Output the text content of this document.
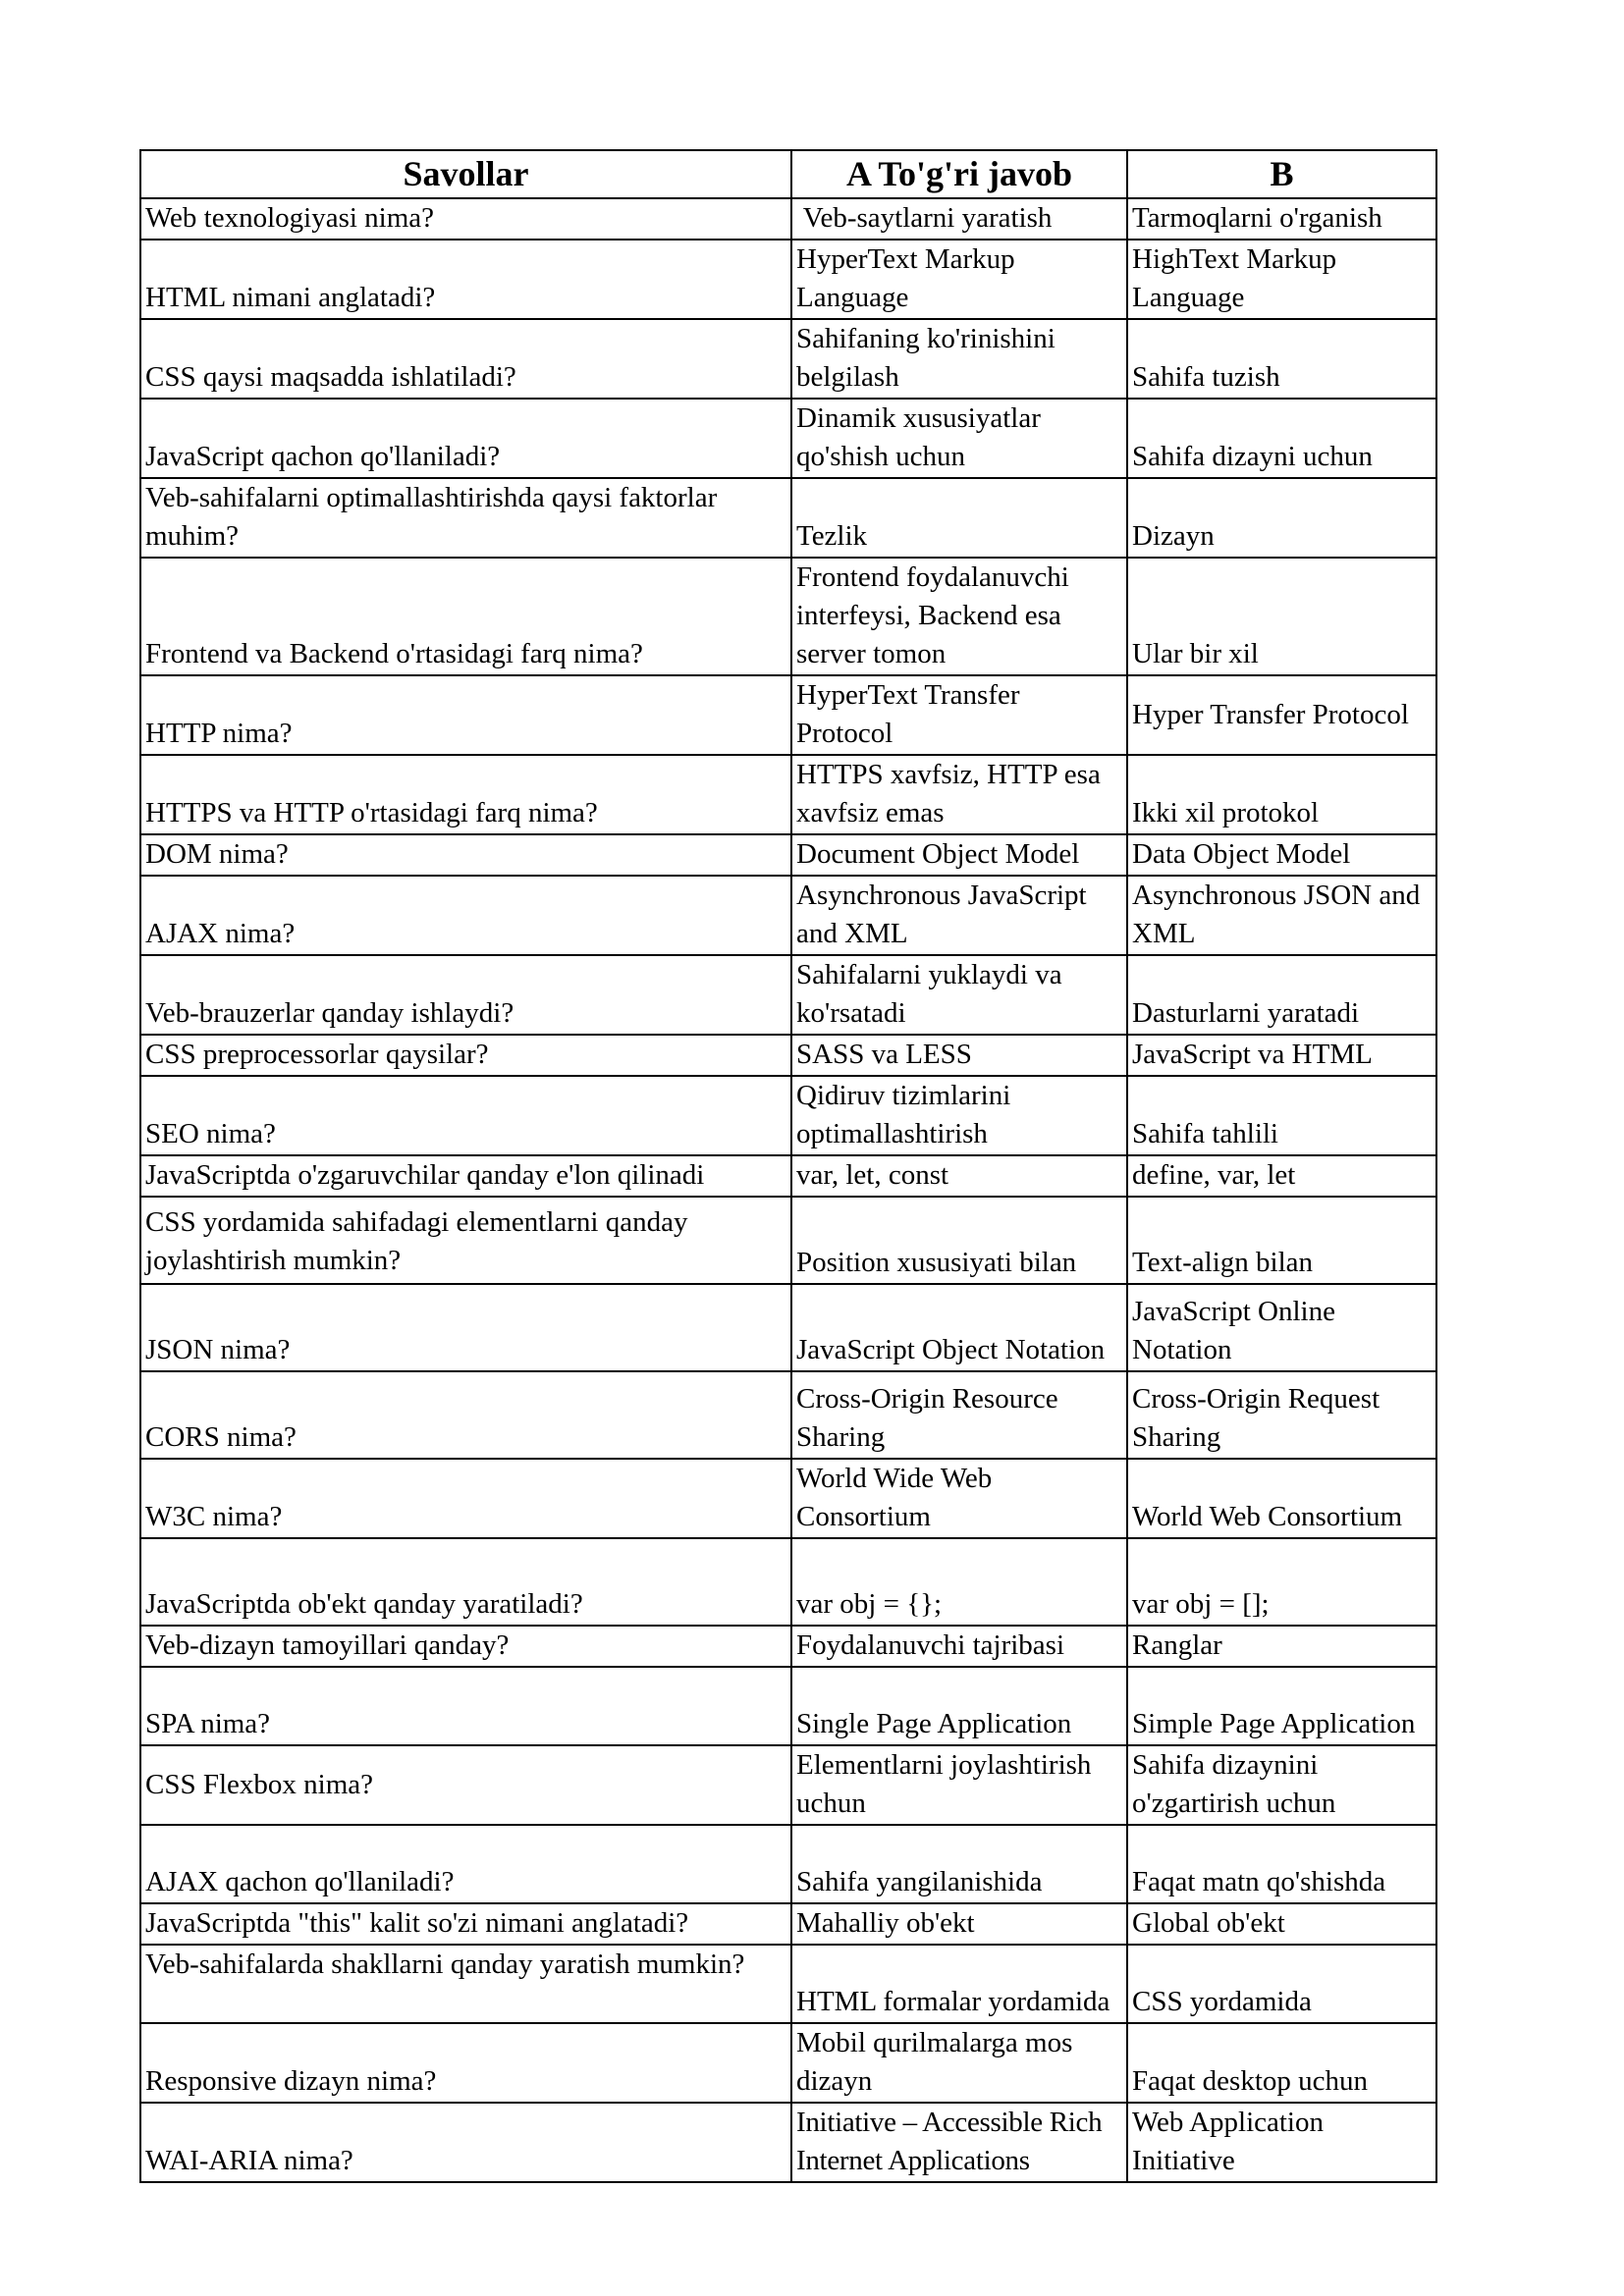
Savollar	A To'g'ri javob	B
Web texnologiyasi nima?	Veb-saytlarni yaratish	Tarmoqlarni o'rganish
HTML nimani anglatadi?	HyperText Markup Language	HighText Markup Language
CSS qaysi maqsadda ishlatiladi?	Sahifaning ko'rinishini belgilash	Sahifa tuzish
JavaScript qachon qo'llaniladi?	Dinamik xususiyatlar qo'shish uchun	Sahifa dizayni uchun
Veb-sahifalarni optimallashtirishda qaysi faktorlar muhim?	Tezlik	Dizayn
Frontend va Backend o'rtasidagi farq nima?	Frontend foydalanuvchi interfeysi, Backend esa server tomon	Ular bir xil
HTTP nima?	HyperText Transfer Protocol	Hyper Transfer Protocol
HTTPS va HTTP o'rtasidagi farq nima?	HTTPS xavfsiz, HTTP esa xavfsiz emas	Ikki xil protokol
DOM nima?	Document Object Model	Data Object Model
AJAX nima?	Asynchronous JavaScript and XML	Asynchronous JSON and XML
Veb-brauzerlar qanday ishlaydi?	Sahifalarni yuklaydi va ko'rsatadi	Dasturlarni yaratadi
CSS preprocessorlar qaysilar?	SASS va LESS	JavaScript va HTML
SEO nima?	Qidiruv tizimlarini optimallashtirish	Sahifa tahlili
JavaScriptda o'zgaruvchilar qanday e'lon qilinadi	var, let, const	define, var, let
CSS yordamida sahifadagi elementlarni qanday joylashtirish mumkin?	Position xususiyati bilan	Text-align bilan
JSON nima?	JavaScript Object Notation	JavaScript Online Notation
CORS nima?	Cross-Origin Resource Sharing	Cross-Origin Request Sharing
W3C nima?	World Wide Web Consortium	World Web Consortium
JavaScriptda ob'ekt qanday yaratiladi?	var obj = {};	var obj = [];
Veb-dizayn tamoyillari qanday?	Foydalanuvchi tajribasi	Ranglar
SPA nima?	Single Page Application	Simple Page Application
CSS Flexbox nima?	Elementlarni joylashtirish uchun	Sahifa dizaynini o'zgartirish uchun
AJAX qachon qo'llaniladi?	Sahifa yangilanishida	Faqat matn qo'shishda
JavaScriptda "this" kalit so'zi nimani anglatadi?	Mahalliy ob'ekt	Global ob'ekt
Veb-sahifalarda shakllarni qanday yaratish mumkin?	HTML formalar yordamida	CSS yordamida
Responsive dizayn nima?	Mobil qurilmalarga mos dizayn	Faqat desktop uchun
WAI-ARIA nima?	Initiative – Accessible Rich Internet Applications	Web Application Initiative
